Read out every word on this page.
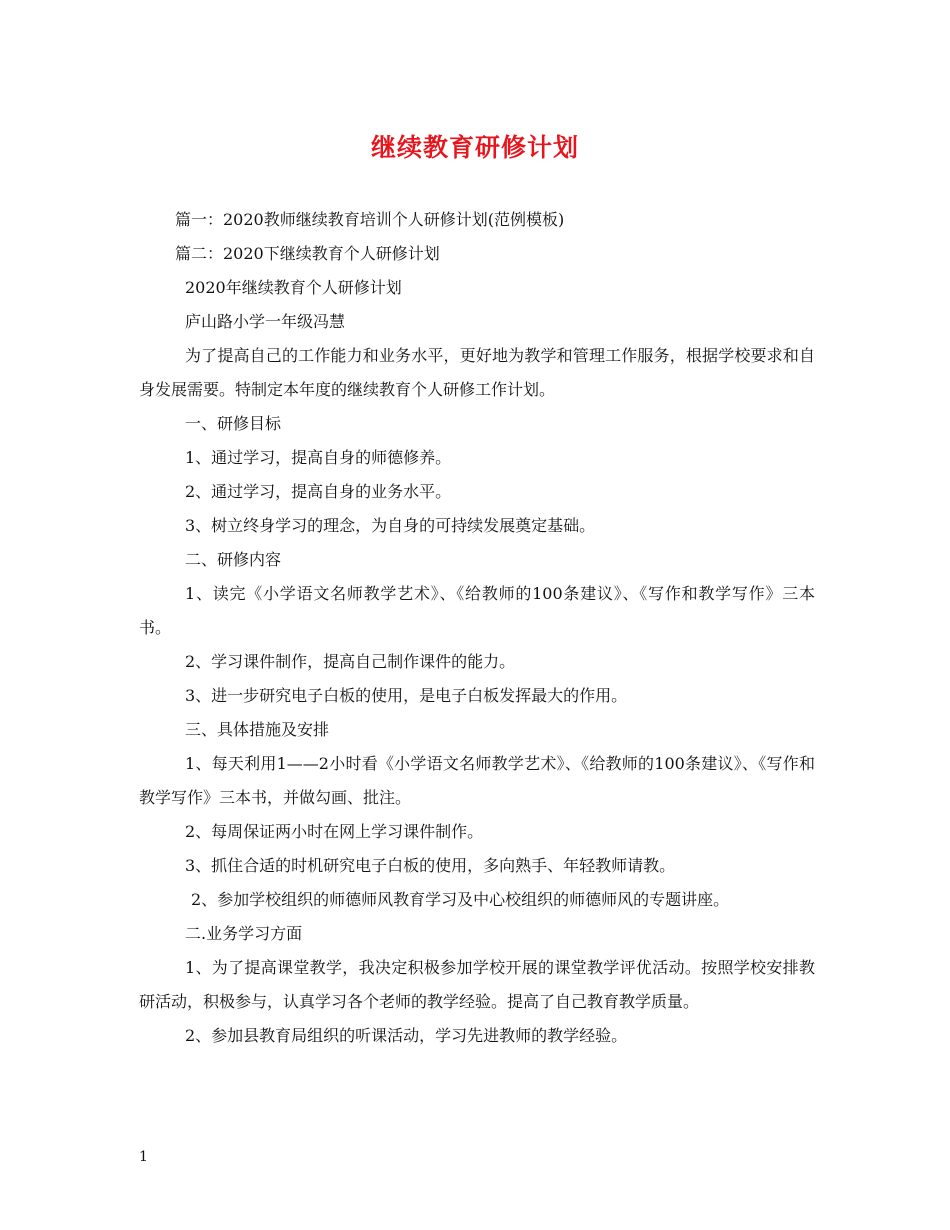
继续教育研修计划

篇一：2020教师继续教育培训个人研修计划(范例模板)

篇二：2020下继续教育个人研修计划

2020年继续教育个人研修计划

庐山路小学一年级冯慧

为了提高自己的工作能力和业务水平，更好地为教学和管理工作服务，根据学校要求和自身发展需要。特制定本年度的继续教育个人研修工作计划。

一、研修目标

1、通过学习，提高自身的师德修养。

2、通过学习，提高自身的业务水平。

3、树立终身学习的理念，为自身的可持续发展奠定基础。

二、研修内容

1、读完《小学语文名师教学艺术》、《给教师的100条建议》、《写作和教学写作》三本书。

2、学习课件制作，提高自己制作课件的能力。

3、进一步研究电子白板的使用，是电子白板发挥最大的作用。

三、具体措施及安排

1、每天利用1——2小时看《小学语文名师教学艺术》、《给教师的100条建议》、《写作和教学写作》三本书，并做勾画、批注。

2、每周保证两小时在网上学习课件制作。

3、抓住合适的时机研究电子白板的使用，多向熟手、年轻教师请教。

2、参加学校组织的师德师风教育学习及中心校组织的师德师风的专题讲座。

二.业务学习方面

1、为了提高课堂教学，我决定积极参加学校开展的课堂教学评优活动。按照学校安排教研活动，积极参与，认真学习各个老师的教学经验。提高了自己教育教学质量。

2、参加县教育局组织的听课活动，学习先进教师的教学经验。

1
